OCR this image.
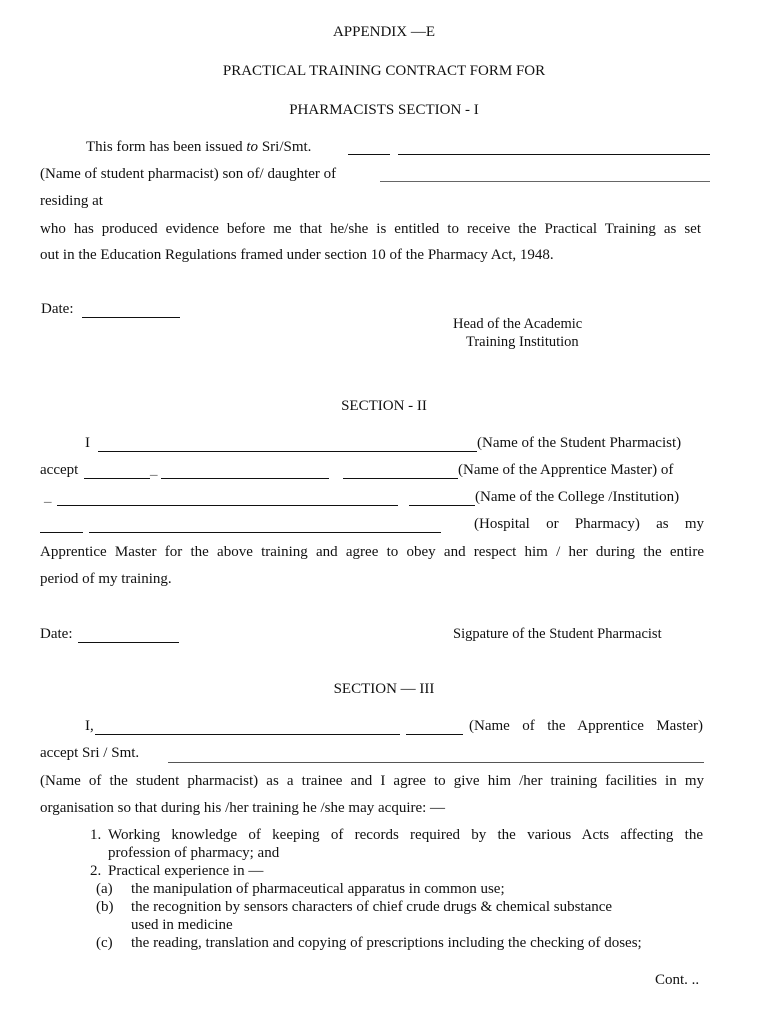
APPENDIX —E
PRACTICAL TRAINING CONTRACT FORM FOR
PHARMACISTS SECTION - I
This form has been issued to Sri/Smt.
(Name of student pharmacist) son of/ daughter of
residing at
who has produced evidence before me that he/she is entitled to receive the Practical Training as set
out in the Education Regulations framed under section 10 of the Pharmacy Act, 1948.
Date:
Head of the Academic
Training Institution
SECTION - II
I	(Name of the Student Pharmacist)
accept	_	(Name of the Apprentice Master) of
_	(Name of the College /Institution)
(Hospital or Pharmacy) as my
Apprentice Master for the above training and agree to obey and respect him / her during the entire
period of my training.
Date:	Sigpature of the Student Pharmacist
SECTION — III
I,	(Name of the Apprentice Master)
accept Sri / Smt.
(Name of the student pharmacist) as a trainee and I agree to give him /her training facilities in my
organisation so that during his /her training he /she may acquire: —
1. Working knowledge of keeping of records required by the various Acts affecting the
profession of pharmacy; and
2. Practical experience in —
(a) the manipulation of pharmaceutical apparatus in common use;
(b) the recognition by sensors characters of chief crude drugs & chemical substance
used in medicine
(c) the reading, translation and copying of prescriptions including the checking of doses;
Cont. ..
